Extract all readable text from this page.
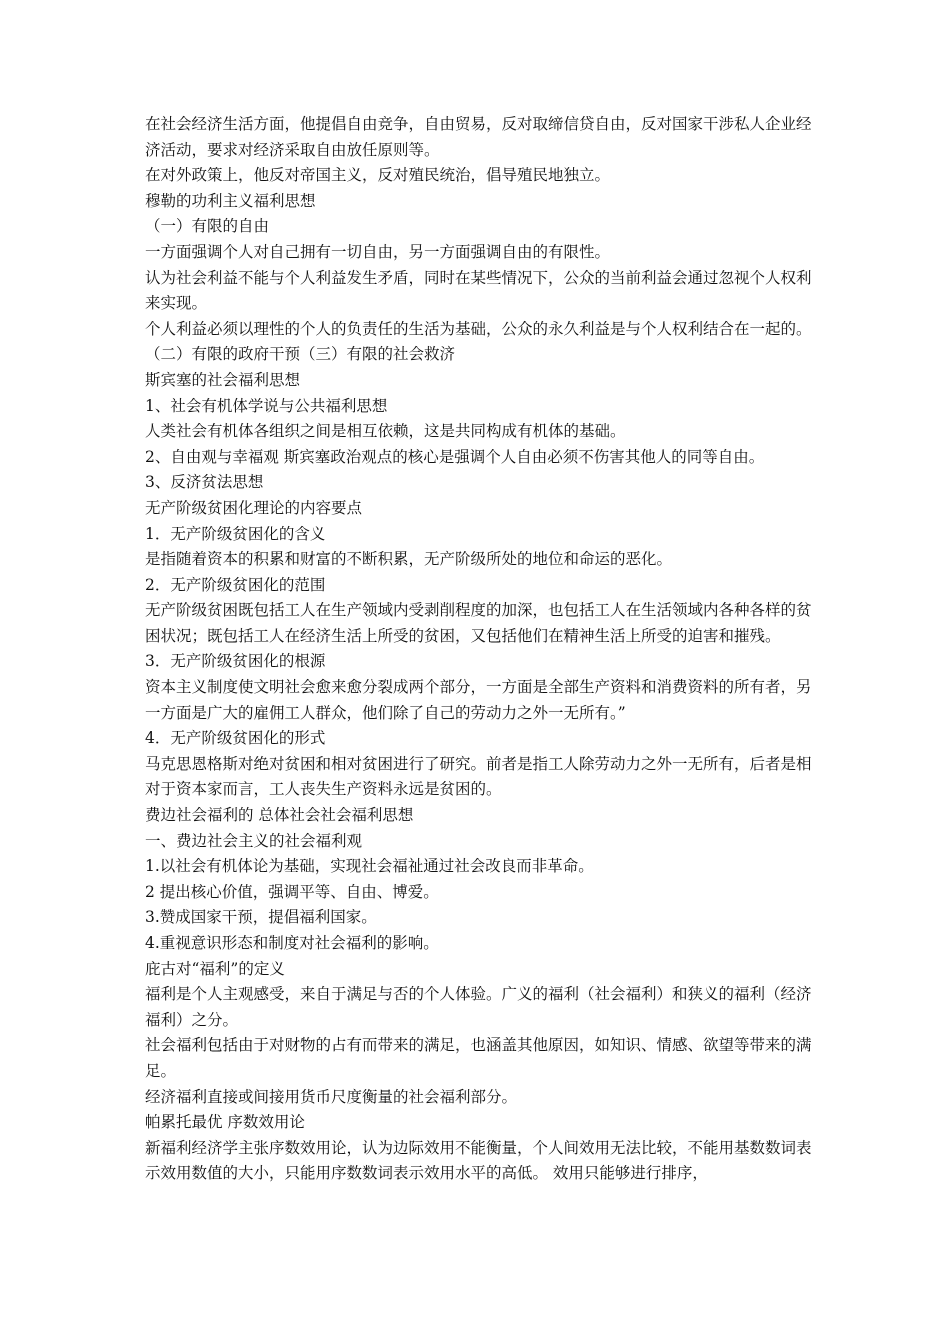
在社会经济生活方面，他提倡自由竞争，自由贸易，反对取缔信贷自由，反对国家干涉私人企业经济活动，要求对经济采取自由放任原则等。

在对外政策上，他反对帝国主义，反对殖民统治，倡导殖民地独立。

穆勒的功利主义福利思想

（一）有限的自由

一方面强调个人对自己拥有一切自由，另一方面强调自由的有限性。

认为社会利益不能与个人利益发生矛盾，同时在某些情况下，公众的当前利益会通过忽视个人权利来实现。

个人利益必须以理性的个人的负责任的生活为基础，公众的永久利益是与个人权利结合在一起的。

（二）有限的政府干预（三）有限的社会救济

斯宾塞的社会福利思想

1、社会有机体学说与公共福利思想

人类社会有机体各组织之间是相互依赖，这是共同构成有机体的基础。

2、自由观与幸福观 斯宾塞政治观点的核心是强调个人自由必须不伤害其他人的同等自由。

3、反济贫法思想

无产阶级贫困化理论的内容要点

1．无产阶级贫困化的含义

是指随着资本的积累和财富的不断积累，无产阶级所处的地位和命运的恶化。

2．无产阶级贫困化的范围

无产阶级贫困既包括工人在生产领域内受剥削程度的加深，也包括工人在生活领域内各种各样的贫困状况；既包括工人在经济生活上所受的贫困，又包括他们在精神生活上所受的迫害和摧残。

3．无产阶级贫困化的根源

资本主义制度使文明社会愈来愈分裂成两个部分，一方面是全部生产资料和消费资料的所有者，另一方面是广大的雇佣工人群众，他们除了自己的劳动力之外一无所有。”

4．无产阶级贫困化的形式

马克思恩格斯对绝对贫困和相对贫困进行了研究。前者是指工人除劳动力之外一无所有，后者是相对于资本家而言，工人丧失生产资料永远是贫困的。

费边社会福利的 总体社会社会福利思想

一、费边社会主义的社会福利观

1.以社会有机体论为基础，实现社会福祉通过社会改良而非革命。

2 提出核心价值，强调平等、自由、博爱。

3.赞成国家干预，提倡福利国家。

4.重视意识形态和制度对社会福利的影响。

庇古对“福利”的定义

福利是个人主观感受，来自于满足与否的个人体验。广义的福利（社会福利）和狭义的福利（经济福利）之分。

社会福利包括由于对财物的占有而带来的满足，也涵盖其他原因，如知识、情感、欲望等带来的满足。

经济福利直接或间接用货币尺度衡量的社会福利部分。

帕累托最优 序数效用论

新福利经济学主张序数效用论，认为边际效用不能衡量，个人间效用无法比较，不能用基数数词表示效用数值的大小，只能用序数数词表示效用水平的高低。 效用只能够进行排序，
